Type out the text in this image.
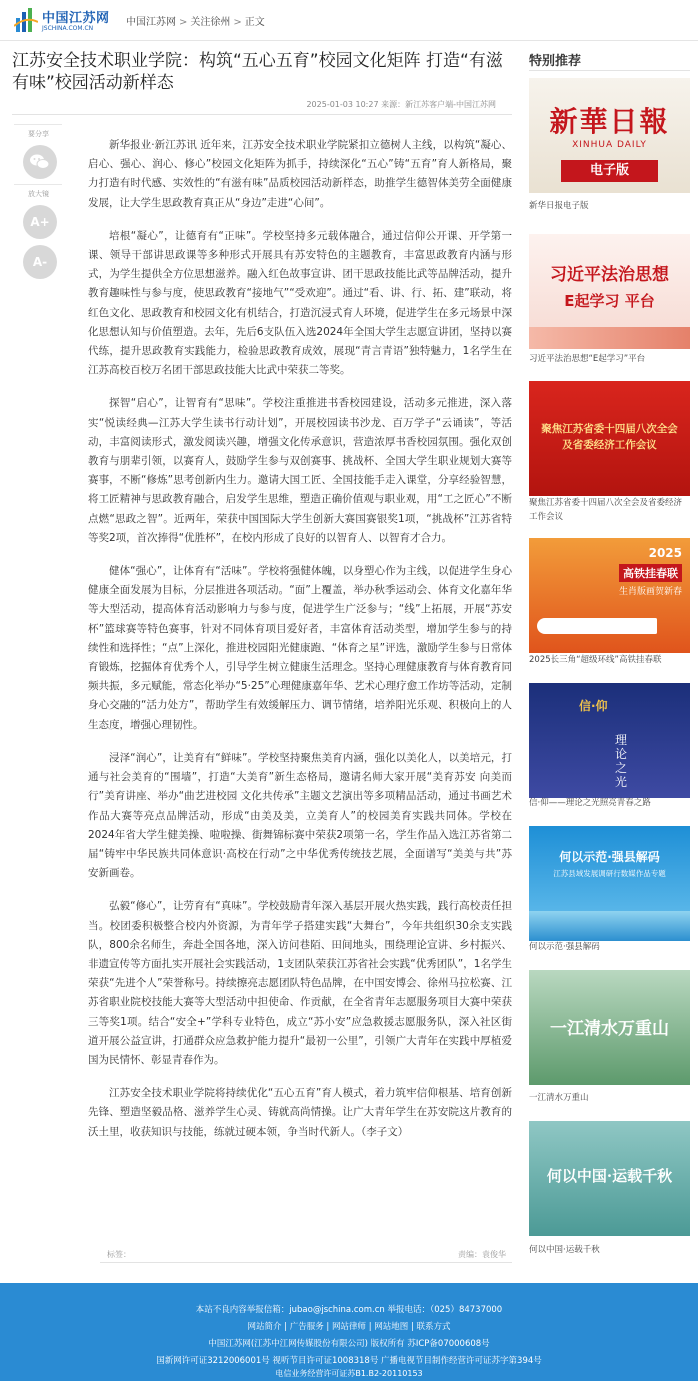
中国江苏网
JSCHINA.COM.CN
中国江苏网 > 关注徐州 > 正文
江苏安全技术职业学院：构筑“五心五育”校园文化矩阵 打造“有滋有味”校园活动新样态
2025-01-03 10:27 来源：新江苏客户端-中国江苏网
要分享
放大镜
A+
A-

新华报业·新江苏讯 近年来，江苏安全技术职业学院紧扣立德树人主线，以构筑“凝心、启心、强心、润心、修心”校园文化矩阵为抓手，持续深化“五心”铸“五育”育人新格局，聚力打造有时代感、实效性的“有滋有味”品质校园活动新样态，助推学生德智体美劳全面健康发展，让大学生思政教育真正从“身边”走进“心间”。

培根“凝心”，让德育有“正味”。学校坚持多元载体融合，通过信仰公开课、开学第一课、领导干部讲思政课等多种形式开展具有苏安特色的主题教育，丰富思政教育内涵与形式，为学生提供全方位思想滋养。融入红色故事宣讲、团干思政技能比武等品牌活动，提升教育趣味性与参与度，使思政教育“接地气”“受欢迎”。通过“看、讲、行、拓、建”联动，将红色文化、思政教育和校园文化有机结合，打造沉浸式育人环境，促进学生在多元场景中深化思想认知与价值塑造。去年，先后6支队伍入选2024年全国大学生志愿宣讲团，坚持以赛代练，提升思政教育实践能力，检验思政教育成效，展现“青言青语”独特魅力，1名学生在江苏高校百校万名团干部思政技能大比武中荣获二等奖。

探智“启心”，让智育有“思味”。学校注重推进书香校园建设，活动多元推进，深入落实“悦读经典—江苏大学生读书行动计划”，开展校园读书沙龙、百万学子“云诵读”，等活动，丰富阅读形式，激发阅读兴趣，增强文化传承意识，营造浓厚书香校园氛围。强化双创教育与朋辈引领，以赛育人，鼓励学生参与双创赛事、挑战杯、全国大学生职业规划大赛等赛事，不断“修炼”思考创新内生力。邀请大国工匠、全国技能手走入课堂，分享经验智慧，将工匠精神与思政教育融合，启发学生思维，塑造正确价值观与职业观，用“工之匠心”不断点燃“思政之智”。近两年，荣获中国国际大学生创新大赛国赛银奖1项，“挑战杯”江苏省特等奖2项，首次捧得“优胜杯”，在校内形成了良好的以智育人、以智育才合力。

健体“强心”，让体育有“活味”。学校将强健体魄，以身塑心作为主线，以促进学生身心健康全面发展为目标，分层推进各项活动。“面”上覆盖，举办秋季运动会、体育文化嘉年华等大型活动，提高体育活动影响力与参与度，促进学生广泛参与；“线”上拓展，开展“苏安杯”篮球赛等特色赛事，针对不同体育项目爱好者，丰富体育活动类型，增加学生参与的持续性和选择性；“点”上深化，推进校园阳光健康跑、“体育之星”评选，激励学生参与日常体育锻炼，挖掘体育优秀个人，引导学生树立健康生活理念。坚持心理健康教育与体育教育同频共振，多元赋能，常态化举办“5·25”心理健康嘉年华、艺术心理疗愈工作坊等活动，定制身心交融的“活力处方”，帮助学生有效缓解压力、调节情绪，培养阳光乐观、积极向上的人生态度，增强心理韧性。

浸泽“润心”，让美育有“鲜味”。学校坚持聚焦美育内涵，强化以美化人，以美培元，打通与社会美育的“围墙”，打造“大美育”新生态格局，邀请名师大家开展“美育苏安 向美而行”美育讲座、举办“曲艺进校园 文化共传承”主题文艺演出等多项精品活动，通过书画艺术作品大赛等亮点品牌活动，形成“由美及美，立美育人”的校园美育实践共同体。学校在2024年省大学生健美操、啦啦操、街舞锦标赛中荣获2项第一名，学生作品入选江苏省第二届“铸牢中华民族共同体意识·高校在行动”之中华优秀传统技艺展，全面谱写“美美与共”苏安新画卷。

弘毅“修心”，让劳育有“真味”。学校鼓励青年深入基层开展火热实践，践行高校责任担当。校团委积极整合校内外资源，为青年学子搭建实践“大舞台”，今年共组织30余支实践队，800余名师生，奔赴全国各地，深入访问巷陌、田间地头，围绕理论宣讲、乡村振兴、非遗宣传等方面扎实开展社会实践活动，1支团队荣获江苏省社会实践“优秀团队”，1名学生荣获“先进个人”荣誉称号。持续擦亮志愿团队特色品牌，在中国安博会、徐州马拉松赛、江苏省职业院校技能大赛等大型活动中担使命、作贡献，在全省青年志愿服务项目大赛中荣获三等奖1项。结合“安全+”学科专业特色，成立“苏小安”应急救援志愿服务队，深入社区街道开展公益宣讲，打通群众应急救护能力提升“最初一公里”，引领广大青年在实践中厚植爱国为民情怀、彰显青春作为。

江苏安全技术职业学院将持续优化“五心五育”育人模式，着力筑牢信仰根基、培育创新先锋、塑造坚毅品格、滋养学生心灵、铸就高尚情操。让广大青年学生在苏安院这片教育的沃土里，收获知识与技能，练就过硬本领，争当时代新人。（李子文）

标签：	责编：袁俊华
特别推荐
新華日報
XINHUA DAILY
电子版
新华日报电子版
习近平法治思想
E起学习 平台
习近平法治思想“E起学习”平台
聚焦江苏省委十四届八次全会
及省委经济工作会议
聚焦江苏省委十四届八次全会及省委经济工作会议
2025
高铁挂春联
生肖版画贺新春
2025长三角“超级环线”高铁挂春联
信·仰
理论之光
信·仰——理论之光照亮青春之路
何以示范·强县解码
江苏县域发展调研行数媒作品专题
何以示范·强县解码
一江清水万重山
一江清水万重山
何以中国·运载千秋
何以中国·运载千秋
本站不良内容举报信箱：jubao@jschina.com.cn 举报电话：（025）84737000
网站简介 | 广告服务 | 网站律师 | 网站地图 | 联系方式
中国江苏网(江苏中江网传媒股份有限公司) 版权所有 苏ICP备07000608号
国新网许可证3212006001号 视听节目许可证1008318号 广播电视节目制作经营许可证苏字第394号
电信业务经营许可证苏B1.B2-20110153
